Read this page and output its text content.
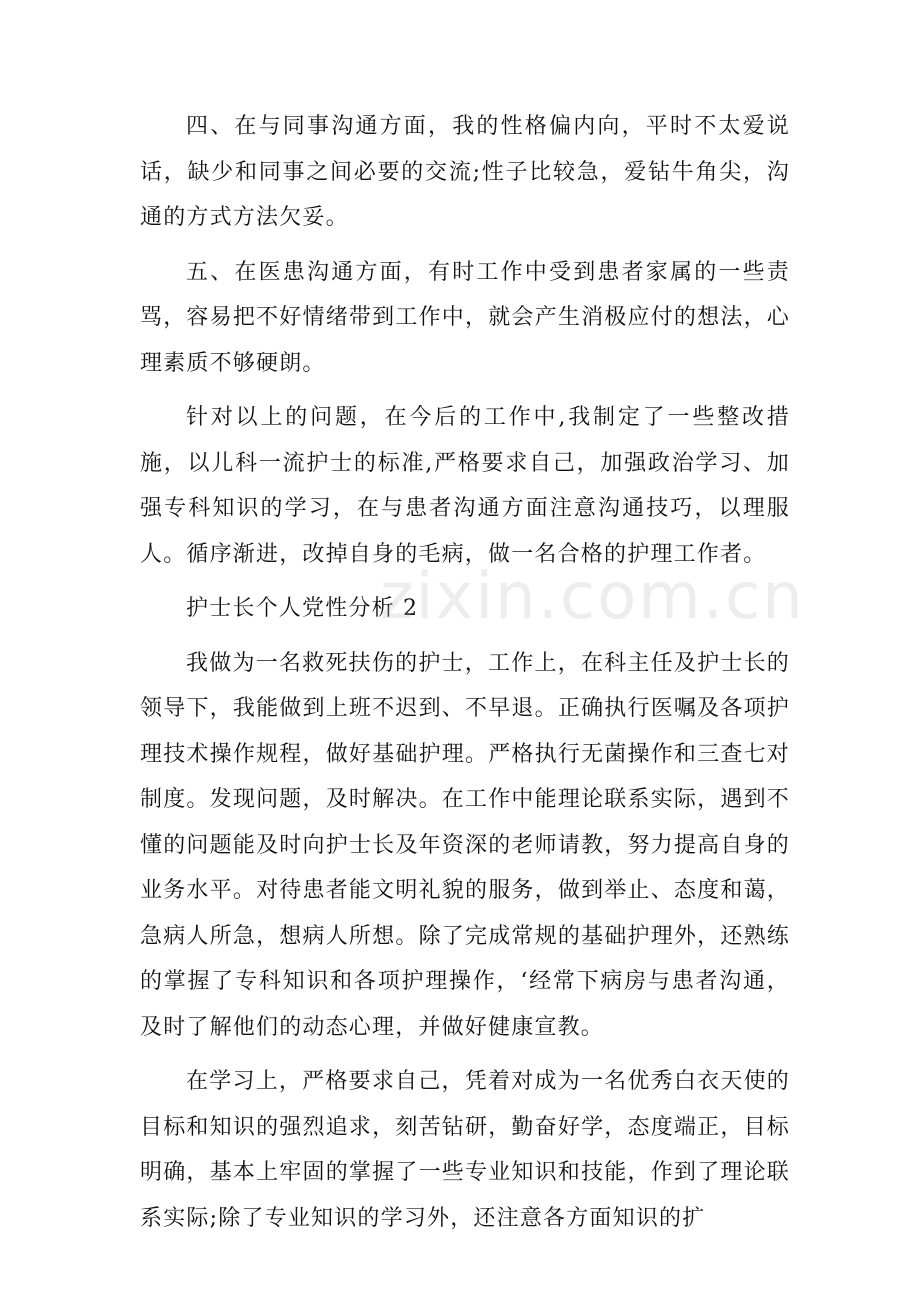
四、在与同事沟通方面，我的性格偏内向，平时不太爱说话，缺少和同事之间必要的交流;性子比较急，爱钻牛角尖，沟通的方式方法欠妥。

五、在医患沟通方面，有时工作中受到患者家属的一些责骂，容易把不好情绪带到工作中，就会产生消极应付的想法，心理素质不够硬朗。

针对以上的问题，在今后的工作中,我制定了一些整改措施，以儿科一流护士的标准,严格要求自己，加强政治学习、加强专科知识的学习，在与患者沟通方面注意沟通技巧，以理服人。循序渐进，改掉自身的毛病，做一名合格的护理工作者。

护士长个人党性分析 2

我做为一名救死扶伤的护士，工作上，在科主任及护士长的领导下，我能做到上班不迟到、不早退。正确执行医嘱及各项护理技术操作规程，做好基础护理。严格执行无菌操作和三查七对制度。发现问题，及时解决。在工作中能理论联系实际，遇到不懂的问题能及时向护士长及年资深的老师请教，努力提高自身的业务水平。对待患者能文明礼貌的服务，做到举止、态度和蔼，急病人所急，想病人所想。除了完成常规的基础护理外，还熟练的掌握了专科知识和各项护理操作，‘经常下病房与患者沟通，及时了解他们的动态心理，并做好健康宣教。

在学习上，严格要求自己，凭着对成为一名优秀白衣天使的目标和知识的强烈追求，刻苦钻研，勤奋好学，态度端正，目标明确，基本上牢固的掌握了一些专业知识和技能，作到了理论联系实际;除了专业知识的学习外，还注意各方面知识的扩

zixin.com.cn
